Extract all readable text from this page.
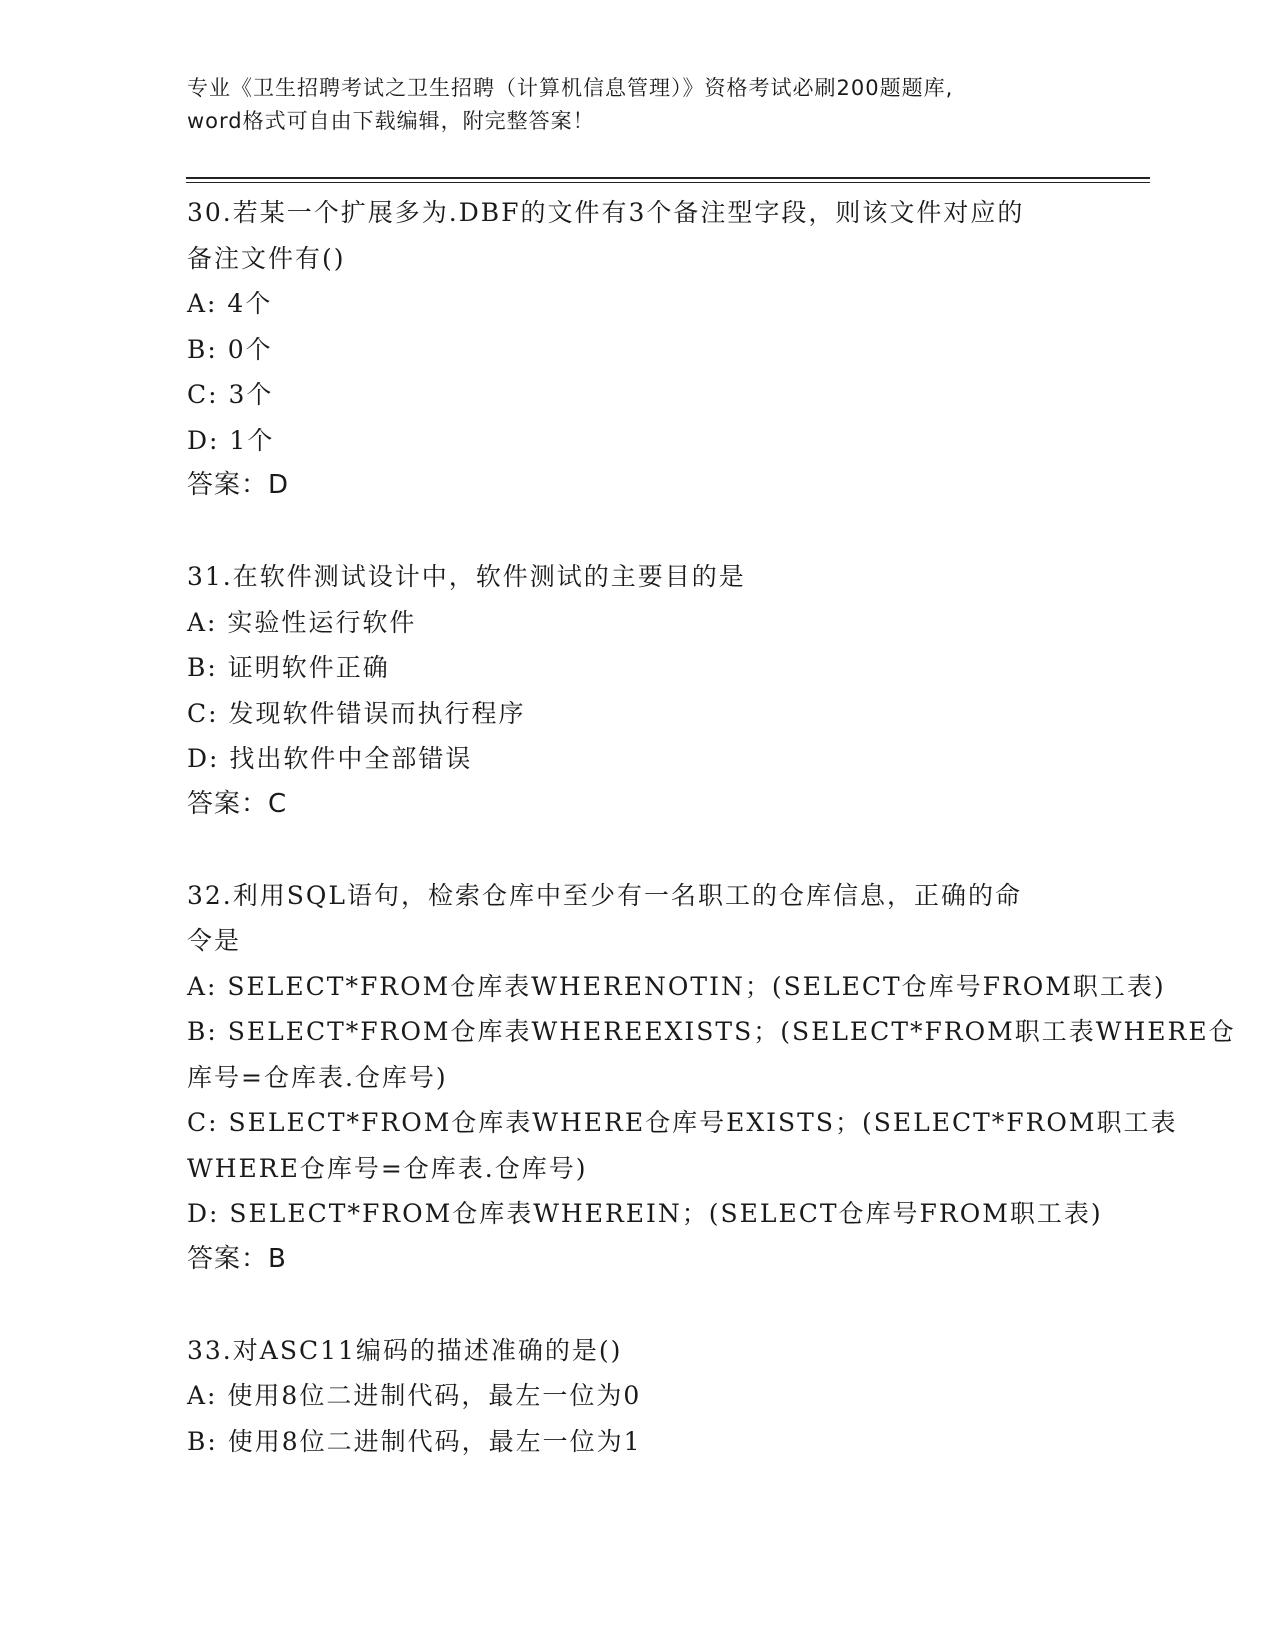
专业《卫生招聘考试之卫生招聘（计算机信息管理）》资格考试必刷200题题库,
word格式可自由下载编辑，附完整答案！
30.若某一个扩展多为.DBF的文件有3个备注型字段，则该文件对应的
备注文件有()
A: 4个
B: 0个
C: 3个
D: 1个
答案：D
31.在软件测试设计中，软件测试的主要目的是
A: 实验性运行软件
B: 证明软件正确
C: 发现软件错误而执行程序
D: 找出软件中全部错误
答案：C
32.利用SQL语句，检索仓库中至少有一名职工的仓库信息，正确的命
令是
A: SELECT*FROM仓库表WHERENOTIN；(SELECT仓库号FROM职工表)
B: SELECT*FROM仓库表WHEREEXISTS；(SELECT*FROM职工表WHERE仓
库号=仓库表.仓库号)
C: SELECT*FROM仓库表WHERE仓库号EXISTS；(SELECT*FROM职工表
WHERE仓库号=仓库表.仓库号)
D: SELECT*FROM仓库表WHEREIN；(SELECT仓库号FROM职工表)
答案：B
33.对ASC11编码的描述准确的是()
A: 使用8位二进制代码，最左一位为0
B: 使用8位二进制代码，最左一位为1
